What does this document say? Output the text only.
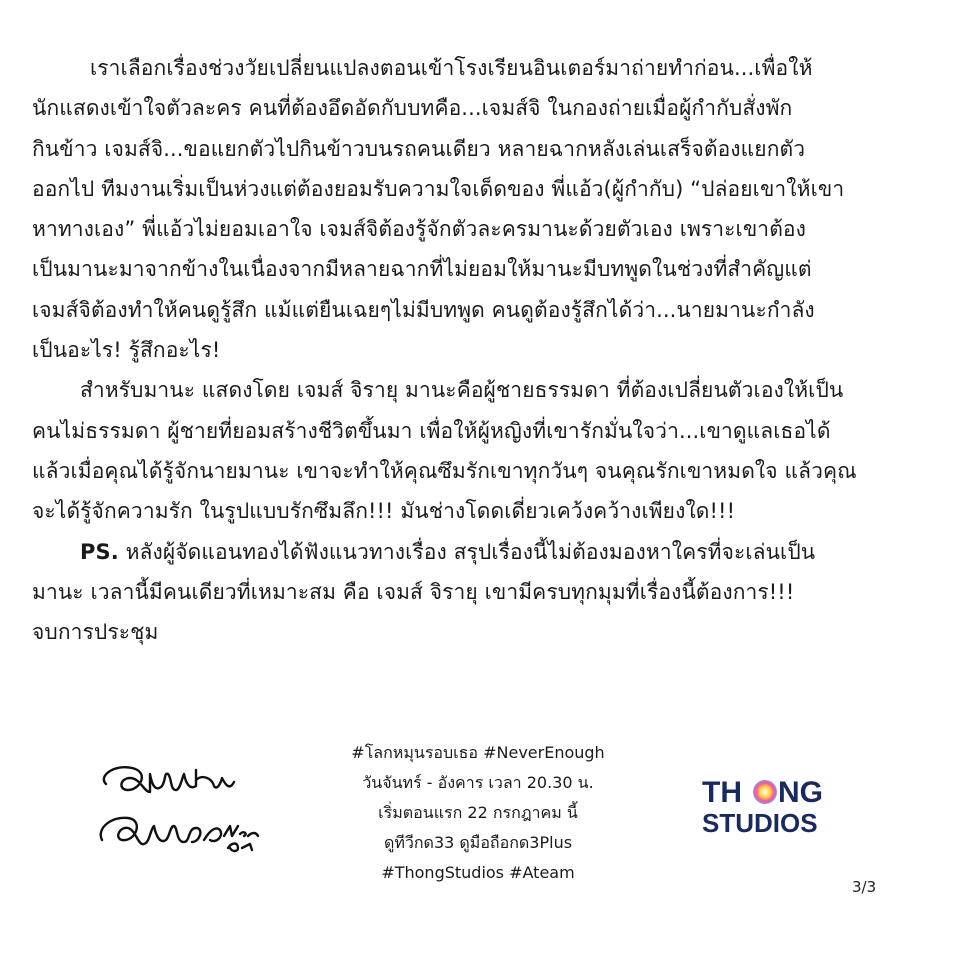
เราเลือกเรื่องช่วงวัยเปลี่ยนแปลงตอนเข้าโรงเรียนอินเตอร์มาถ่ายทำก่อน...เพื่อให้
นักแสดงเข้าใจตัวละคร คนที่ต้องอึดอัดกับบทคือ...เจมส์จิ ในกองถ่ายเมื่อผู้กำกับสั่งพัก
กินข้าว เจมส์จิ...ขอแยกตัวไปกินข้าวบนรถคนเดียว หลายฉากหลังเล่นเสร็จต้องแยกตัว
ออกไป ทีมงานเริ่มเป็นห่วงแต่ต้องยอมรับความใจเด็ดของ พี่แอ้ว(ผู้กำกับ) “ปล่อยเขาให้เขา
หาทางเอง” พี่แอ้วไม่ยอมเอาใจ เจมส์จิต้องรู้จักตัวละครมานะด้วยตัวเอง เพราะเขาต้อง
เป็นมานะมาจากข้างในเนื่องจากมีหลายฉากที่ไม่ยอมให้มานะมีบทพูดในช่วงที่สำคัญแต่
เจมส์จิต้องทำให้คนดูรู้สึก แม้แต่ยืนเฉยๆไม่มีบทพูด คนดูต้องรู้สึกได้ว่า...นายมานะกำลัง
เป็นอะไร! รู้สึกอะไร!
สำหรับมานะ แสดงโดย เจมส์ จิรายุ มานะคือผู้ชายธรรมดา ที่ต้องเปลี่ยนตัวเองให้เป็น
คนไม่ธรรมดา ผู้ชายที่ยอมสร้างชีวิตขึ้นมา เพื่อให้ผู้หญิงที่เขารักมั่นใจว่า...เขาดูแลเธอได้
แล้วเมื่อคุณได้รู้จักนายมานะ เขาจะทำให้คุณซึมรักเขาทุกวันๆ จนคุณรักเขาหมดใจ แล้วคุณ
จะได้รู้จักความรัก ในรูปแบบรักซึมลึก!!! มันช่างโดดเดี่ยวเคว้งคว้างเพียงใด!!!
PS. หลังผู้จัดแอนทองได้ฟังแนวทางเรื่อง สรุปเรื่องนี้ไม่ต้องมองหาใครที่จะเล่นเป็น
มานะ เวลานี้มีคนเดียวที่เหมาะสม คือ เจมส์ จิรายุ เขามีครบทุกมุมที่เรื่องนี้ต้องการ!!!
จบการประชุม
#โลกหมุนรอบเธอ #NeverEnough
วันจันทร์ - อังคาร เวลา 20.30 น.
เริ่มตอนแรก 22 กรกฎาคม นี้
ดูทีวีกด33 ดูมือถือกด3Plus
#ThongStudios #Ateam
TH NG
STUDIOS
3/3
